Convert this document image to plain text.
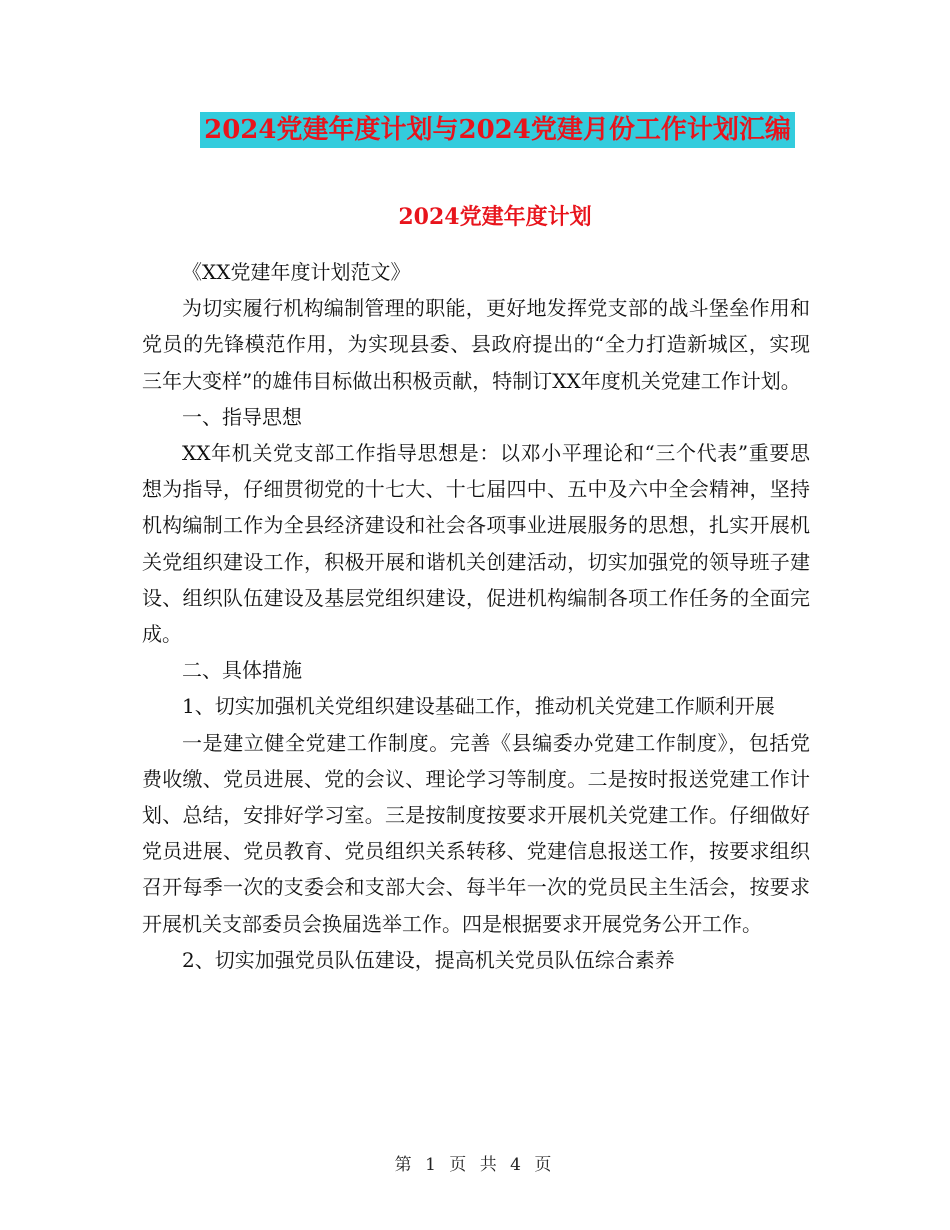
2024党建年度计划与2024党建月份工作计划汇编
2024党建年度计划

《XX党建年度计划范文》

为切实履行机构编制管理的职能，更好地发挥党支部的战斗堡垒作用和党员的先锋模范作用，为实现县委、县政府提出的“全力打造新城区，实现三年大变样”的雄伟目标做出积极贡献，特制订XX年度机关党建工作计划。

一、指导思想

XX年机关党支部工作指导思想是：以邓小平理论和“三个代表”重要思想为指导，仔细贯彻党的十七大、十七届四中、五中及六中全会精神，坚持机构编制工作为全县经济建设和社会各项事业进展服务的思想，扎实开展机关党组织建设工作，积极开展和谐机关创建活动，切实加强党的领导班子建设、组织队伍建设及基层党组织建设，促进机构编制各项工作任务的全面完成。

二、具体措施

1、切实加强机关党组织建设基础工作，推动机关党建工作顺利开展

一是建立健全党建工作制度。完善《县编委办党建工作制度》，包括党费收缴、党员进展、党的会议、理论学习等制度。二是按时报送党建工作计划、总结，安排好学习室。三是按制度按要求开展机关党建工作。仔细做好党员进展、党员教育、党员组织关系转移、党建信息报送工作，按要求组织召开每季一次的支委会和支部大会、每半年一次的党员民主生活会，按要求开展机关支部委员会换届选举工作。四是根据要求开展党务公开工作。

2、切实加强党员队伍建设，提高机关党员队伍综合素养

第 1 页 共 4 页
